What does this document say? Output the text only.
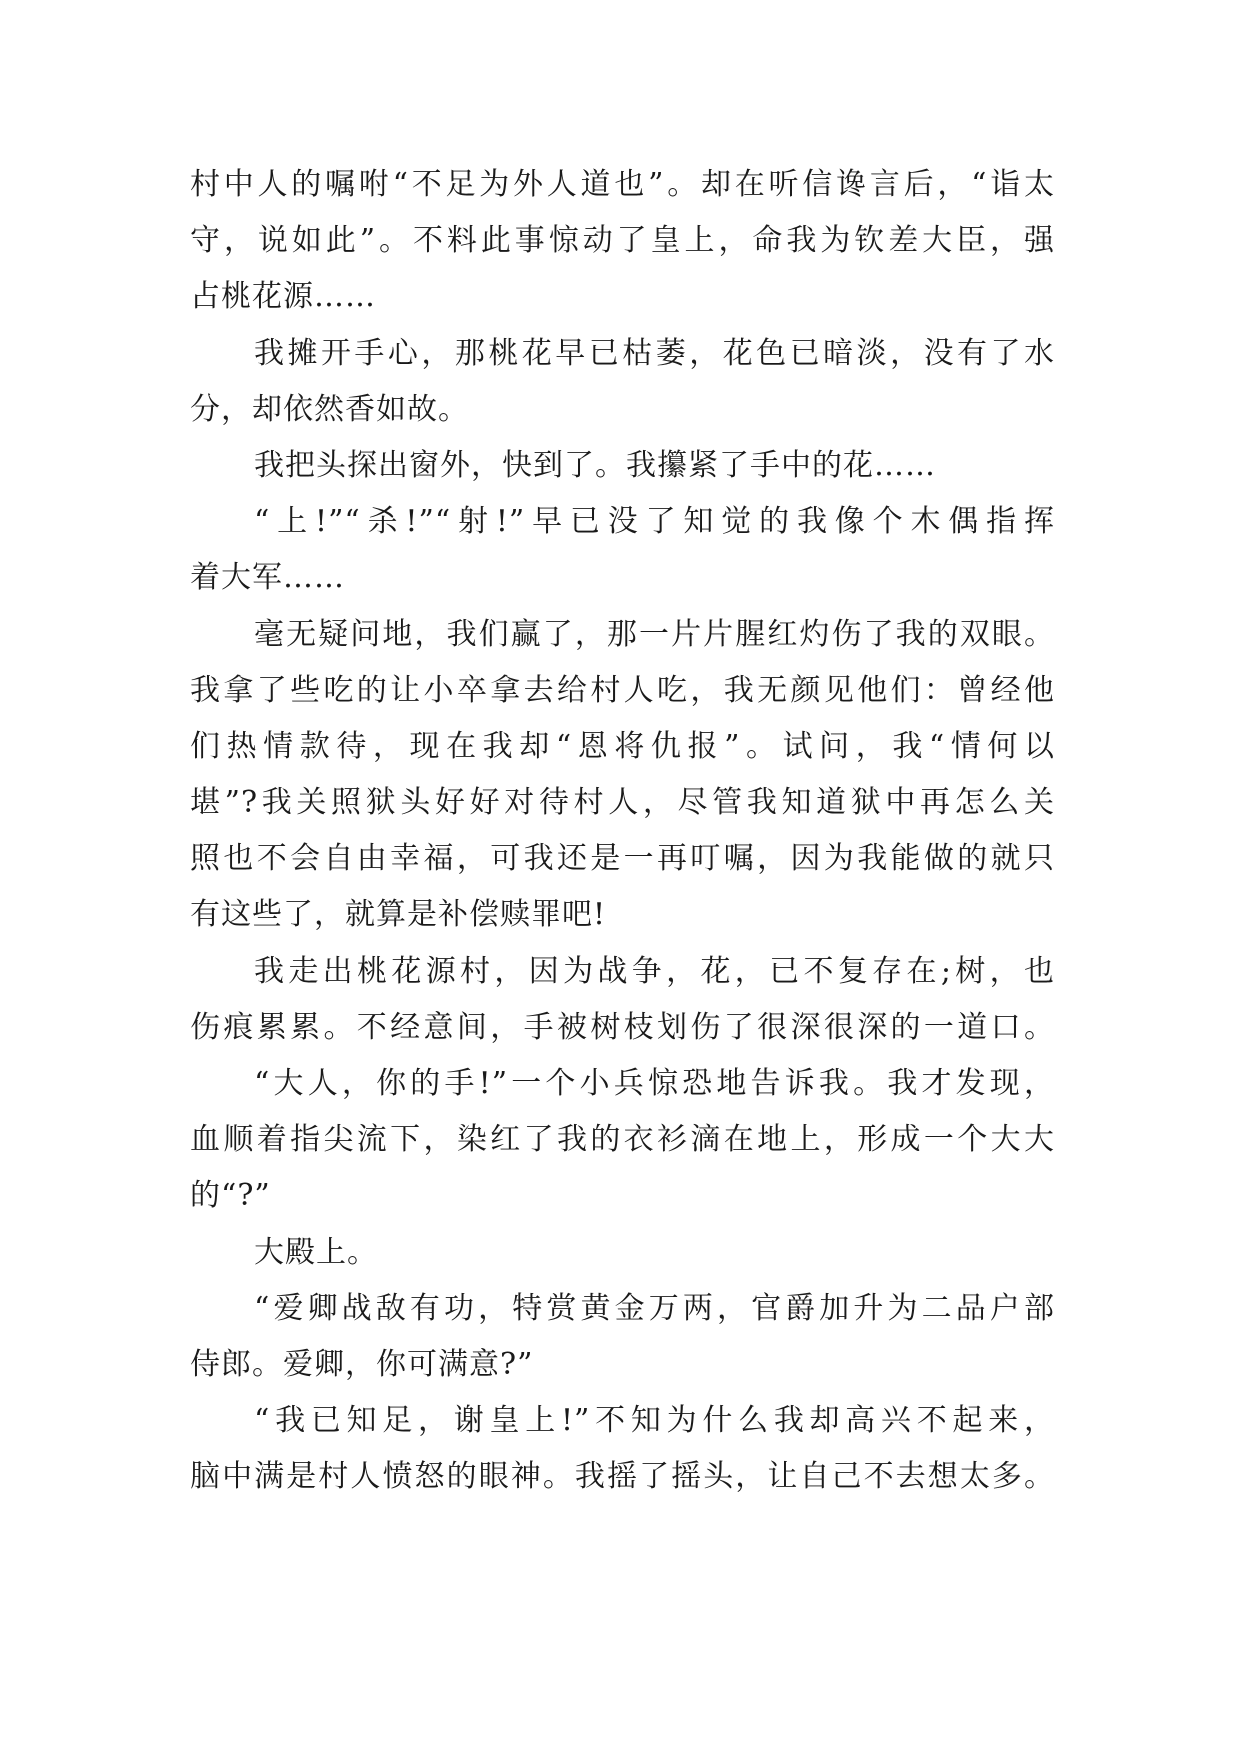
村中人的嘱咐“不足为外人道也”。却在听信谗言后，“诣太
守，说如此”。不料此事惊动了皇上，命我为钦差大臣，强
占桃花源……
我摊开手心，那桃花早已枯萎，花色已暗淡，没有了水
分，却依然香如故。
我把头探出窗外，快到了。我攥紧了手中的花……
“上!”“杀!”“射!”早已没了知觉的我像个木偶指挥
着大军……
毫无疑问地，我们赢了，那一片片腥红灼伤了我的双眼。
我拿了些吃的让小卒拿去给村人吃，我无颜见他们：曾经他
们热情款待，现在我却“恩将仇报”。试问，我“情何以
堪”?我关照狱头好好对待村人，尽管我知道狱中再怎么关
照也不会自由幸福，可我还是一再叮嘱，因为我能做的就只
有这些了，就算是补偿赎罪吧!
我走出桃花源村，因为战争，花，已不复存在;树，也
伤痕累累。不经意间，手被树枝划伤了很深很深的一道口。
“大人，你的手!”一个小兵惊恐地告诉我。我才发现，
血顺着指尖流下，染红了我的衣衫滴在地上，形成一个大大
的“?”
大殿上。
“爱卿战敌有功，特赏黄金万两，官爵加升为二品户部
侍郎。爱卿，你可满意?”
“我已知足，谢皇上!”不知为什么我却高兴不起来，
脑中满是村人愤怒的眼神。我摇了摇头，让自己不去想太多。
